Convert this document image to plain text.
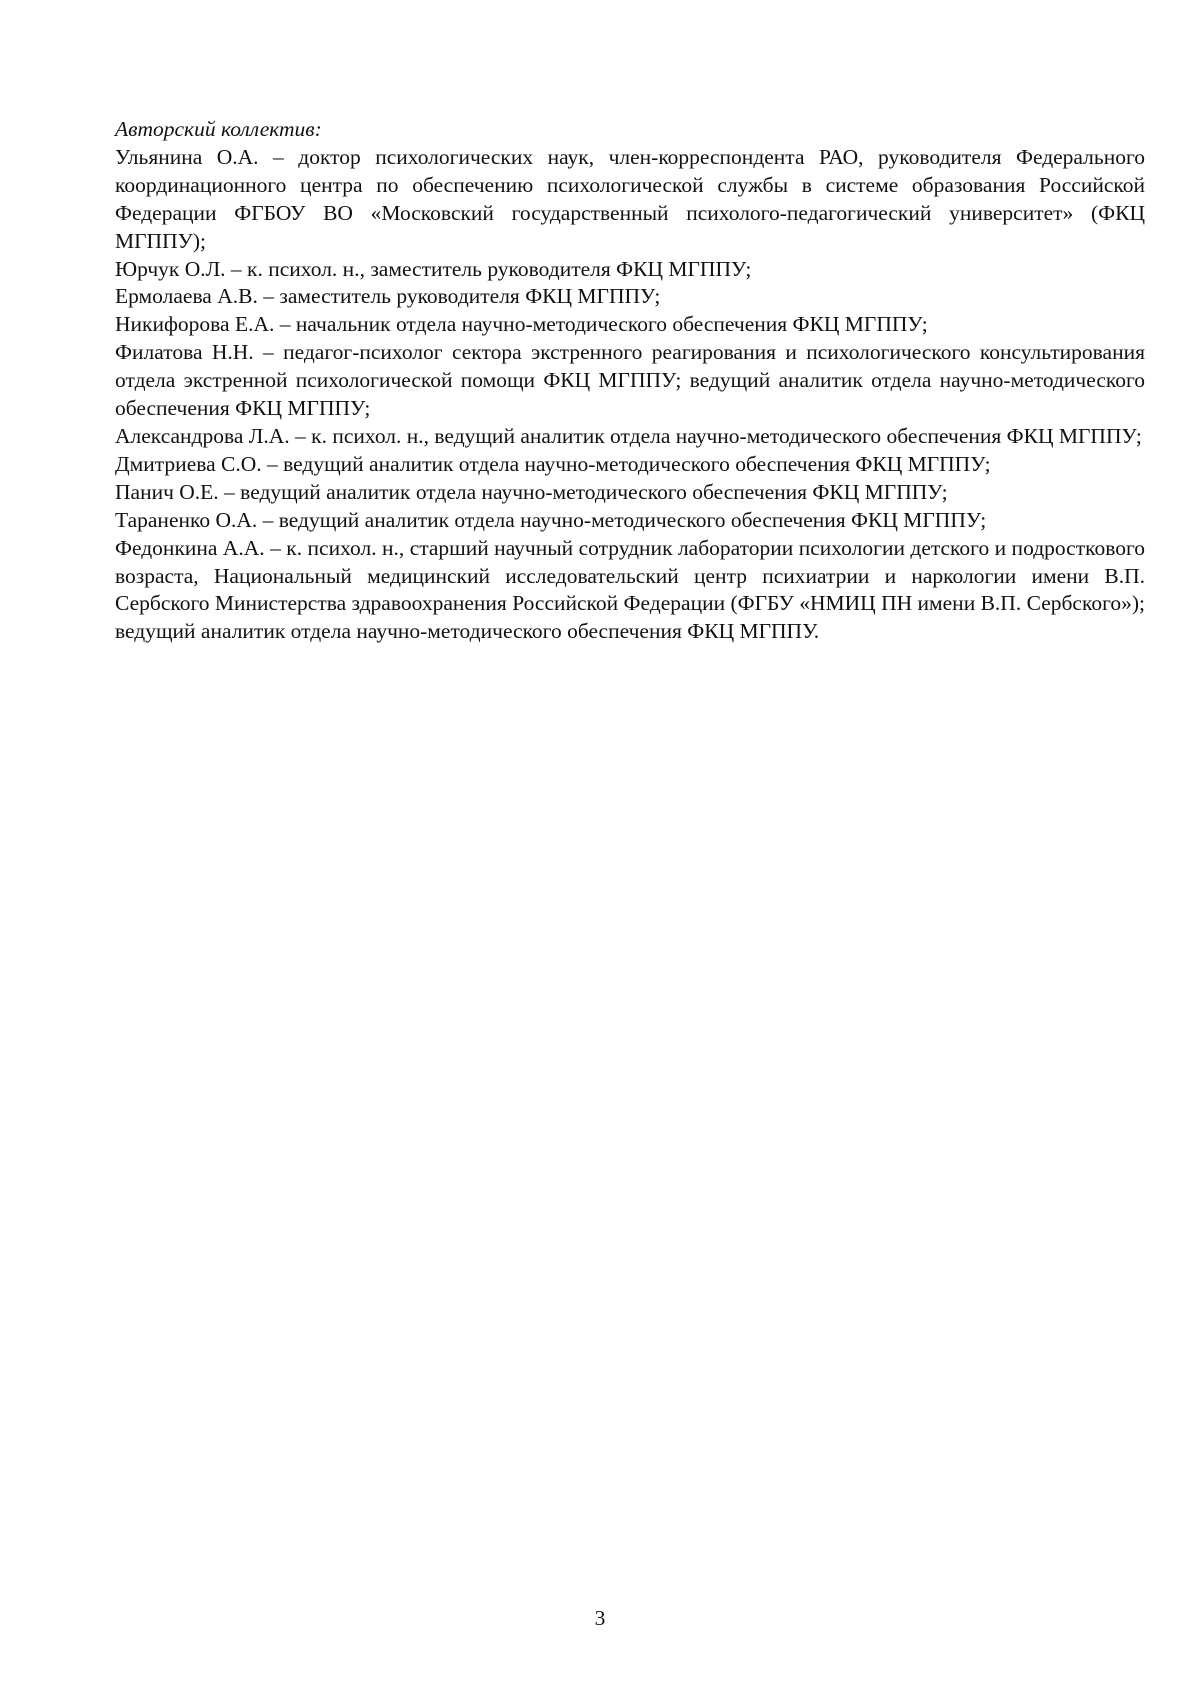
Авторский коллектив:

Ульянина О.А. – доктор психологических наук, член-корреспондента РАО, руководителя Федерального координационного центра по обеспечению психологической службы в системе образования Российской Федерации ФГБОУ ВО «Московский государственный психолого-педагогический университет» (ФКЦ МГППУ);

Юрчук О.Л. – к. психол. н., заместитель руководителя ФКЦ МГППУ;

Ермолаева А.В. – заместитель руководителя ФКЦ МГППУ;

Никифорова Е.А. – начальник отдела научно-методического обеспечения ФКЦ МГППУ;

Филатова Н.Н. – педагог-психолог сектора экстренного реагирования и психологического консультирования отдела экстренной психологической помощи ФКЦ МГППУ; ведущий аналитик отдела научно-методического обеспечения ФКЦ МГППУ;

Александрова Л.А. – к. психол. н., ведущий аналитик отдела научно-методического обеспечения ФКЦ МГППУ;

Дмитриева С.О. – ведущий аналитик отдела научно-методического обеспечения ФКЦ МГППУ;

Панич О.Е. – ведущий аналитик отдела научно-методического обеспечения ФКЦ МГППУ;

Тараненко О.А. – ведущий аналитик отдела научно-методического обеспечения ФКЦ МГППУ;

Федонкина А.А. – к. психол. н., старший научный сотрудник лаборатории психологии детского и подросткового возраста, Национальный медицинский исследовательский центр психиатрии и наркологии имени В.П. Сербского Министерства здравоохранения Российской Федерации (ФГБУ «НМИЦ ПН имени В.П. Сербского»); ведущий аналитик отдела научно-методического обеспечения ФКЦ МГППУ.

3
